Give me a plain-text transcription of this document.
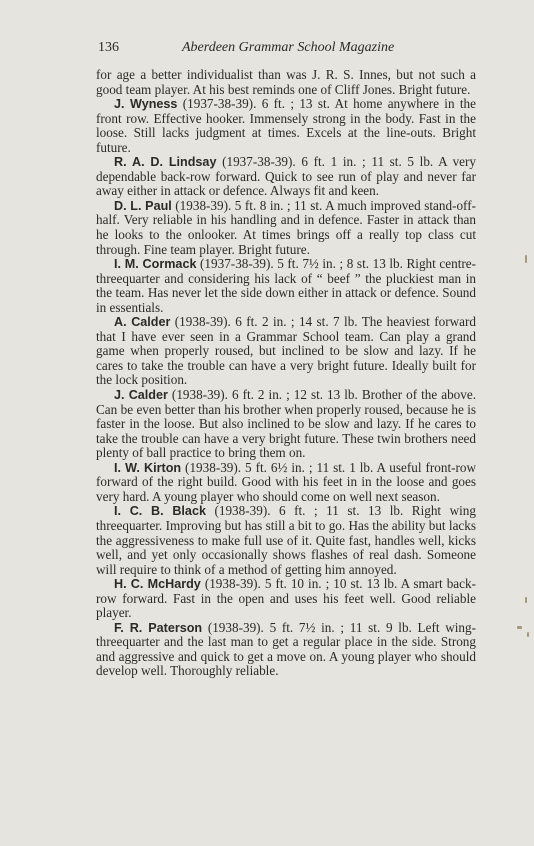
136	Aberdeen Grammar School Magazine

for age a better individualist than was J. R. S. Innes, but not such a good team player. At his best reminds one of Cliff Jones. Bright future.

J. Wyness (1937-38-39). 6 ft. ; 13 st. At home anywhere in the front row. Effective hooker. Immensely strong in the body. Fast in the loose. Still lacks judgment at times. Excels at the line-outs. Bright future.

R. A. D. Lindsay (1937-38-39). 6 ft. 1 in. ; 11 st. 5 lb. A very dependable back-row forward. Quick to see run of play and never far away either in attack or defence. Always fit and keen.

D. L. Paul (1938-39). 5 ft. 8 in. ; 11 st. A much improved stand-off-half. Very reliable in his handling and in defence. Faster in attack than he looks to the onlooker. At times brings off a really top class cut through. Fine team player. Bright future.

I. M. Cormack (1937-38-39). 5 ft. 7½ in. ; 8 st. 13 lb. Right centre-threequarter and considering his lack of “ beef ” the pluckiest man in the team. Has never let the side down either in attack or defence. Sound in essentials.

A. Calder (1938-39). 6 ft. 2 in. ; 14 st. 7 lb. The heaviest forward that I have ever seen in a Grammar School team. Can play a grand game when properly roused, but inclined to be slow and lazy. If he cares to take the trouble can have a very bright future. Ideally built for the lock position.

J. Calder (1938-39). 6 ft. 2 in. ; 12 st. 13 lb. Brother of the above. Can be even better than his brother when properly roused, because he is faster in the loose. But also inclined to be slow and lazy. If he cares to take the trouble can have a very bright future. These twin brothers need plenty of ball practice to bring them on.

I. W. Kirton (1938-39). 5 ft. 6½ in. ; 11 st. 1 lb. A useful front-row forward of the right build. Good with his feet in in the loose and goes very hard. A young player who should come on well next season.

I. C. B. Black (1938-39). 6 ft. ; 11 st. 13 lb. Right wing threequarter. Improving but has still a bit to go. Has the ability but lacks the aggressiveness to make full use of it. Quite fast, handles well, kicks well, and yet only occasionally shows flashes of real dash. Someone will require to think of a method of getting him annoyed.

H. C. McHardy (1938-39). 5 ft. 10 in. ; 10 st. 13 lb. A smart back-row forward. Fast in the open and uses his feet well. Good reliable player.

F. R. Paterson (1938-39). 5 ft. 7½ in. ; 11 st. 9 lb. Left wing-threequarter and the last man to get a regular place in the side. Strong and aggressive and quick to get a move on. A young player who should develop well. Thoroughly reliable.
